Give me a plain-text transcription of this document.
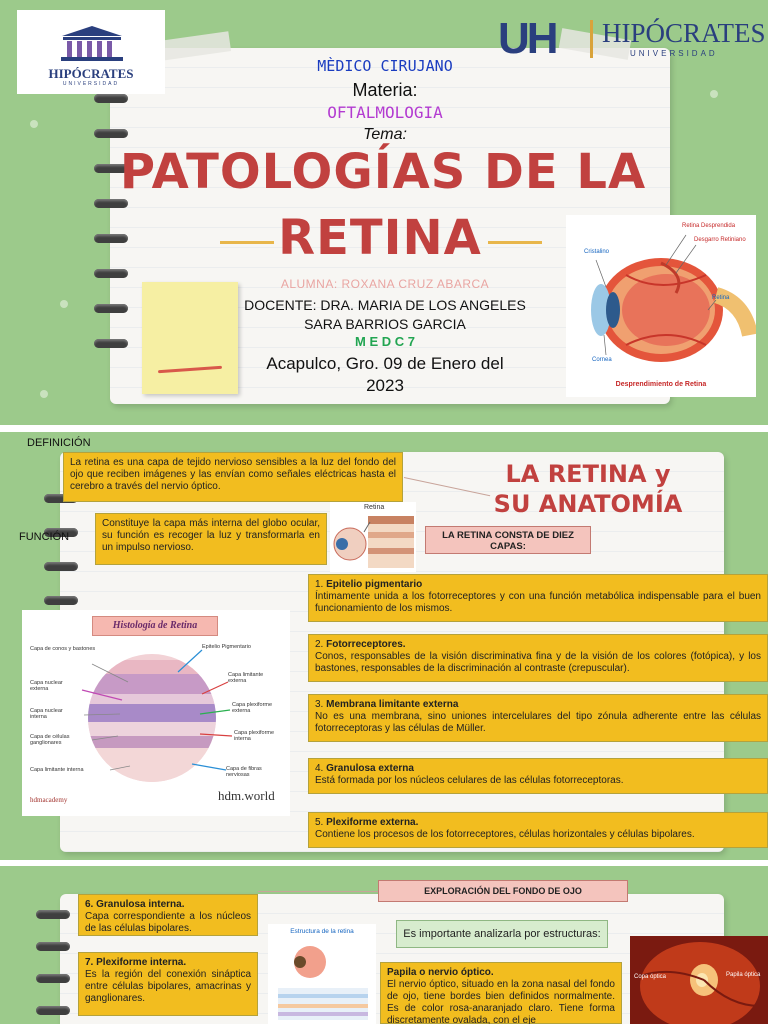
HIPÓCRATES
UNIVERSIDAD
UH HIPÓCRATES
UNIVERSIDAD
MÈDICO CIRUJANO
Materia:
OFTALMOLOGIA
Tema:
PATOLOGÍAS DE LA
RETINA
ALUMNA: ROXANA CRUZ ABARCA
DOCENTE: DRA. MARIA DE LOS ANGELES
SARA BARRIOS GARCIA
M E D C 7
Acapulco, Gro. 09 de Enero del
2023
Retina Desprendida
Desgarro Retiniano
Cristalino
Retina
Cornea
Desprendimiento de Retina
DEFINICIÓN
La retina es una capa de tejido nervioso sensibles a la luz del fondo del ojo que reciben imágenes y las envían como señales eléctricas hasta el cerebro a través del nervio óptico.
FUNCIÓN
Constituye la capa más interna del globo ocular, su función es recoger la luz y transformarla en un impulso nervioso.
LA RETINA y
SU ANATOMÍA
Retina
LA RETINA CONSTA DE DIEZ CAPAS:
Histología de Retina
Capa de conos y bastones
Capa nuclear externa
Capa nuclear interna
Capa de células ganglionares
Capa limitante interna
Epitelio Pigmentario
Capa limitante externa
Capa plexiforme externa
Capa plexiforme interna
Capa de fibras nerviosas
hdmacademy	hdm.world
1. Epitelio pigmentario
Íntimamente unida a los fotorreceptores y con una función metabólica indispensable para el buen funcionamiento de los mismos.
2. Fotorreceptores.
Conos, responsables de la visión discriminativa fina y de la visión de los colores (fotópica), y los bastones, responsables de la discriminación al contraste (crepuscular).
3. Membrana limitante externa
No es una membrana, sino uniones intercelulares del tipo zónula adherente entre las células fotorreceptoras y las células de Müller.
4. Granulosa externa
Está formada por los núcleos celulares de las células fotorreceptoras.
5. Plexiforme externa.
Contiene los procesos de los fotorreceptores, células horizontales y células bipolares.
6. Granulosa interna.
Capa correspondiente a los núcleos de las células bipolares.
7. Plexiforme interna.
Es la región del conexión sináptica entre células bipolares, amacrinas y ganglionares.
Estructura de la retina
EXPLORACIÓN DEL FONDO DE OJO
Es importante analizarla por estructuras:
Papila o nervio óptico.
El nervio óptico, situado en la zona nasal del fondo de ojo, tiene bordes bien definidos normalmente. Es de color rosa-anaranjado claro. Tiene forma discretamente ovalada, con el eje
Copa óptica	Papila óptica
